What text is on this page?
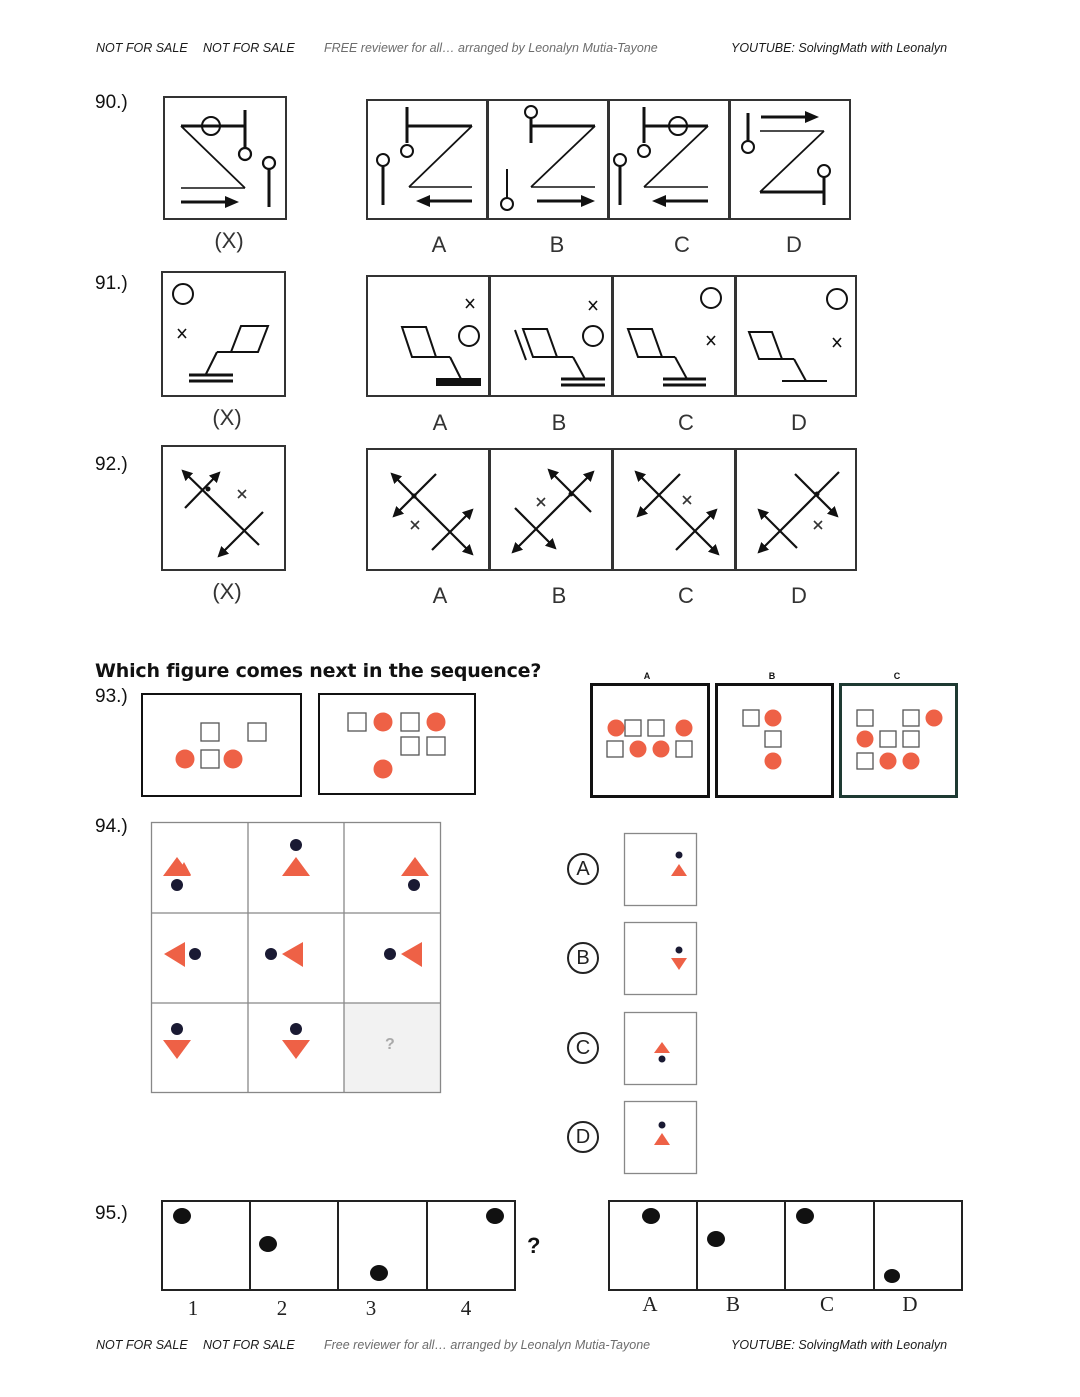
NOT FOR SALE NOT FOR SALE FREE reviewer for all… arranged by Leonalyn Mutia-Tayone	YOUTUBE: SolvingMath with Leonalyn
90.)
(X)	A	B	C	D
91.)
(X)	A	B	C	D
92.)
(X)	A	B	C	D
Which figure comes next in the sequence?
93.)
A	B	C
94.)
?
A
B
C
D
95.)
1	2	3	4
?
A	B	C	D
NOT FOR SALE NOT FOR SALE Free reviewer for all… arranged by Leonalyn Mutia-Tayone	YOUTUBE: SolvingMath with Leonalyn
